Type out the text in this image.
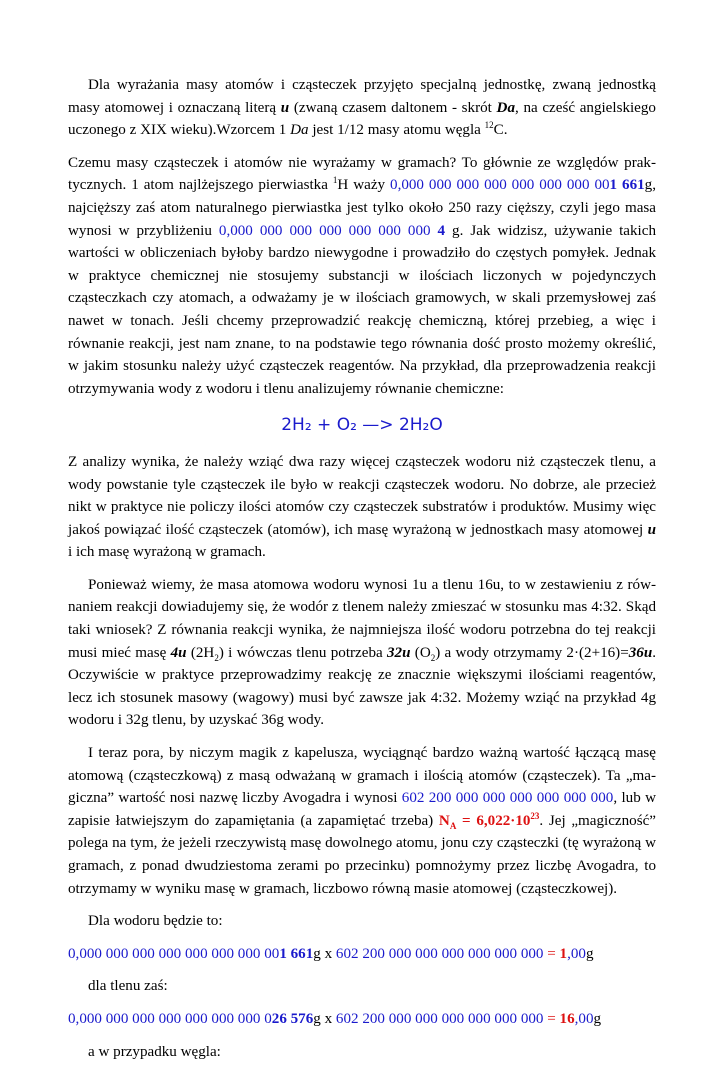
Dla wyrażania masy atomów i cząsteczek przyjęto specjalną jednostkę, zwaną jednostką masy atomowej i oznaczaną literą u (zwaną czasem daltonem - skrót Da, na cześć angielskiego uczonego z XIX wieku).Wzorcem 1 Da jest 1/12 masy atomu węgla $^{12}$C.

Czemu masy cząsteczek i atomów nie wyrażamy w gramach? To głównie ze względów prak-tycznych. 1 atom najlżejszego pierwiastka $^1$H waży 0,000 000 000 000 000 000 000 001 661g, najcięższy zaś atom naturalnego pierwiastka jest tylko około 250 razy cięższy, czyli jego masa wynosi w przybliżeniu 0,000 000 000 000 000 000 000 4 g. Jak widzisz, używanie takich wartości w obliczeniach byłoby bardzo niewygodne i prowadziło do częstych pomyłek. Jednak w praktyce chemicznej nie stosujemy substancji w ilościach liczonych w pojedynczych cząsteczkach czy atomach, a odważamy je w ilościach gramowych, w skali przemysłowej zaś nawet w tonach. Jeśli chcemy przeprowadzić reakcję chemiczną, której przebieg, a więc i równanie reakcji, jest nam znane, to na podstawie tego równania dość prosto możemy określić, w jakim stosunku należy użyć cząsteczek reagentów. Na przykład, dla przeprowadzenia reakcji otrzymywania wody z wodoru i tlenu analizujemy równanie chemiczne:

2H₂ + O₂ —> 2H₂O

Z analizy wynika, że należy wziąć dwa razy więcej cząsteczek wodoru niż cząsteczek tlenu, a wody powstanie tyle cząsteczek ile było w reakcji cząsteczek wodoru. No dobrze, ale przecież nikt w praktyce nie policzy ilości atomów czy cząsteczek substratów i produktów. Musimy więc jakoś powiązać ilość cząsteczek (atomów), ich masę wyrażoną w jednostkach masy atomowej u i ich masę wyrażoną w gramach.

Ponieważ wiemy, że masa atomowa wodoru wynosi 1u a tlenu 16u, to w zestawieniu z rów-naniem reakcji dowiadujemy się, że wodór z tlenem należy zmieszać w stosunku mas 4:32. Skąd taki wniosek? Z równania reakcji wynika, że najmniejsza ilość wodoru potrzebna do tej reakcji musi mieć masę 4u $(2H_2)$ i wówczas tlenu potrzeba 32u $(O_2)$ a wody otrzymamy 2·(2+16)=36u. Oczywiście w praktyce przeprowadzimy reakcję ze znacznie większymi ilościami reagentów, lecz ich stosunek masowy (wagowy) musi być zawsze jak 4:32. Możemy wziąć na przykład 4g wodoru i 32g tlenu, by uzyskać 36g wody.

I teraz pora, by niczym magik z kapelusza, wyciągnąć bardzo ważną wartość łączącą masę atomową (cząsteczkową) z masą odważaną w gramach i ilością atomów (cząsteczek). Ta „ma-giczna” wartość nosi nazwę liczby Avogadra i wynosi 602 200 000 000 000 000 000 000, lub w zapisie łatwiejszym do zapamiętania (a zapamiętać trzeba) $N_A = 6,022\cdot 10^{23}$. Jej „magiczność” polega na tym, że jeżeli rzeczywistą masę dowolnego atomu, jonu czy cząsteczki (tę wyrażoną w gramach, z ponad dwudziestoma zerami po przecinku) pomnożymy przez liczbę Avogadra, to otrzymamy w wyniku masę w gramach, liczbowo równą masie atomowej (cząsteczkowej).

Dla wodoru będzie to:

0,000 000 000 000 000 000 000 001 661g x 602 200 000 000 000 000 000 000 = 1,00g

dla tlenu zaś:

0,000 000 000 000 000 000 000 026 576g x 602 200 000 000 000 000 000 000 = 16,00g

a w przypadku węgla:
